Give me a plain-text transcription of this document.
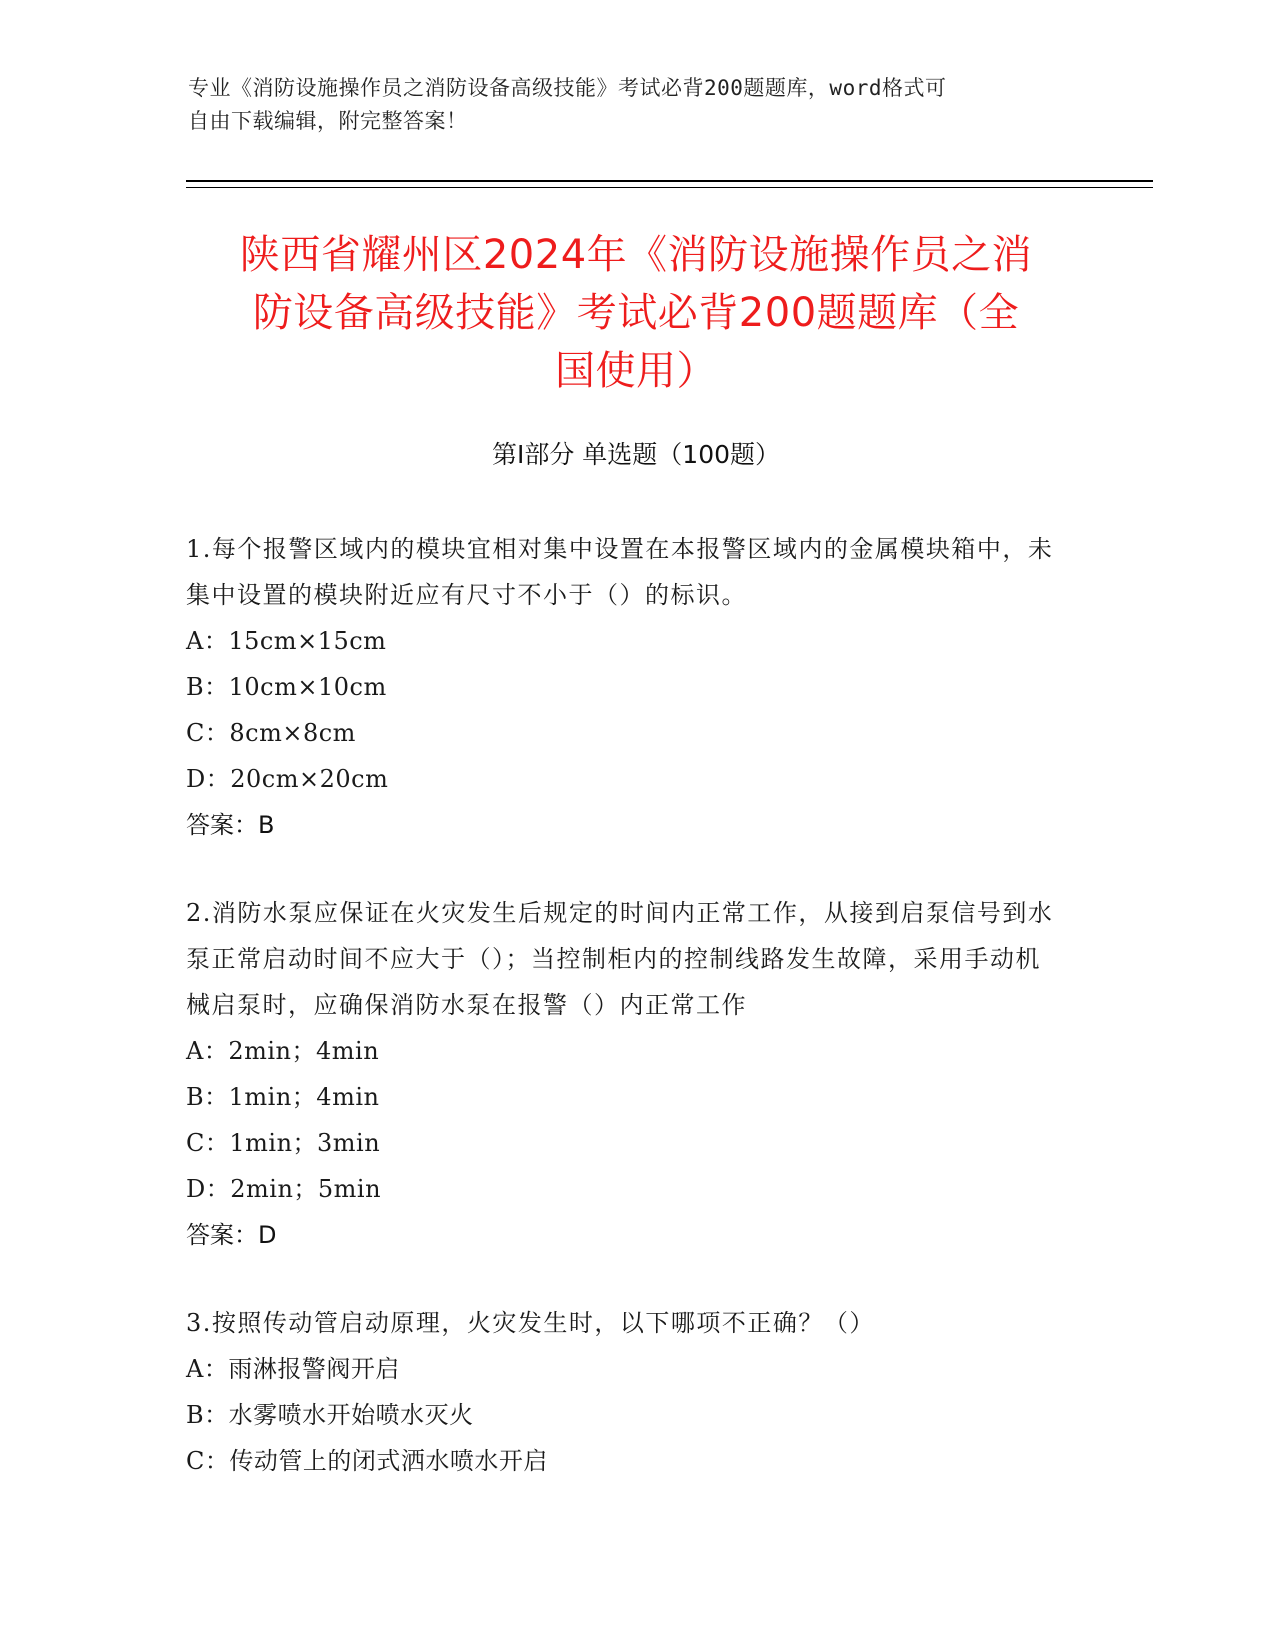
专业《消防设施操作员之消防设备高级技能》考试必背200题题库，word格式可
自由下载编辑，附完整答案！
陕西省耀州区2024年《消防设施操作员之消
防设备高级技能》考试必背200题题库（全
国使用）
第I部分 单选题（100题）
1.每个报警区域内的模块宜相对集中设置在本报警区域内的金属模块箱中，未集中设置的模块附近应有尺寸不小于（）的标识。
A：15cm×15cm
B：10cm×10cm
C：8cm×8cm
D：20cm×20cm
答案：B
2.消防水泵应保证在火灾发生后规定的时间内正常工作，从接到启泵信号到水泵正常启动时间不应大于（）；当控制柜内的控制线路发生故障，采用手动机械启泵时，应确保消防水泵在报警（）内正常工作
A：2min；4min
B：1min；4min
C：1min；3min
D：2min；5min
答案：D
3.按照传动管启动原理，火灾发生时，以下哪项不正确？（）
A：雨淋报警阀开启
B：水雾喷水开始喷水灭火
C：传动管上的闭式洒水喷水开启
